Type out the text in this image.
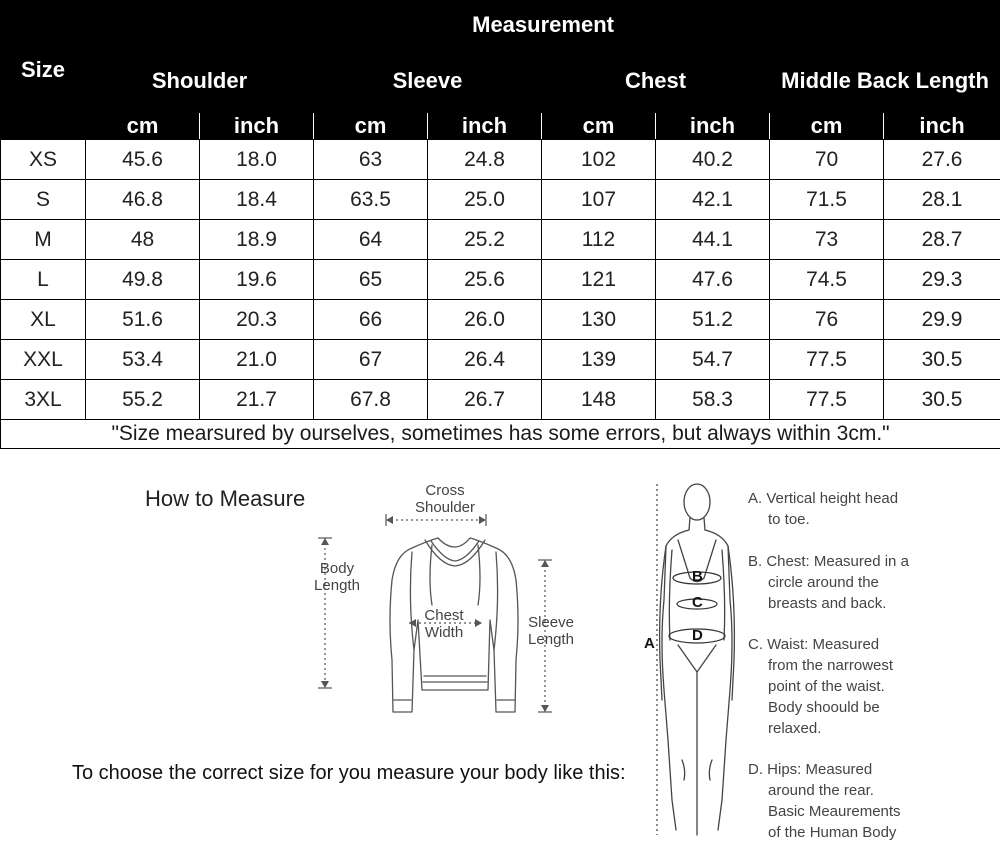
Size	Measurement							
	Shoulder		Sleeve		Chest		Middle Back Length	
	cm	inch	cm	inch	cm	inch	cm	inch
XS	45.6	18.0	63	24.8	102	40.2	70	27.6
S	46.8	18.4	63.5	25.0	107	42.1	71.5	28.1
M	48	18.9	64	25.2	112	44.1	73	28.7
L	49.8	19.6	65	25.6	121	47.6	74.5	29.3
XL	51.6	20.3	66	26.0	130	51.2	76	29.9
XXL	53.4	21.0	67	26.4	139	54.7	77.5	30.5
3XL	55.2	21.7	67.8	26.7	148	58.3	77.5	30.5
"Size mearsured by ourselves, sometimes has some errors, but always within 3cm."								
How to Measure	Cross
Shoulder
Body
Length
Chest
Width
Sleeve
Length	A
B
C
D
A. Vertical height head
to toe.
B. Chest: Measured in a
circle around the
breasts and back.
C. Waist: Measured
from the narrowest
point of the waist.
Body shoould be
relaxed.
D. Hips: Measured
around the rear.
Basic Meaurements
of the Human Body
To choose the correct size for you measure your body like this:
